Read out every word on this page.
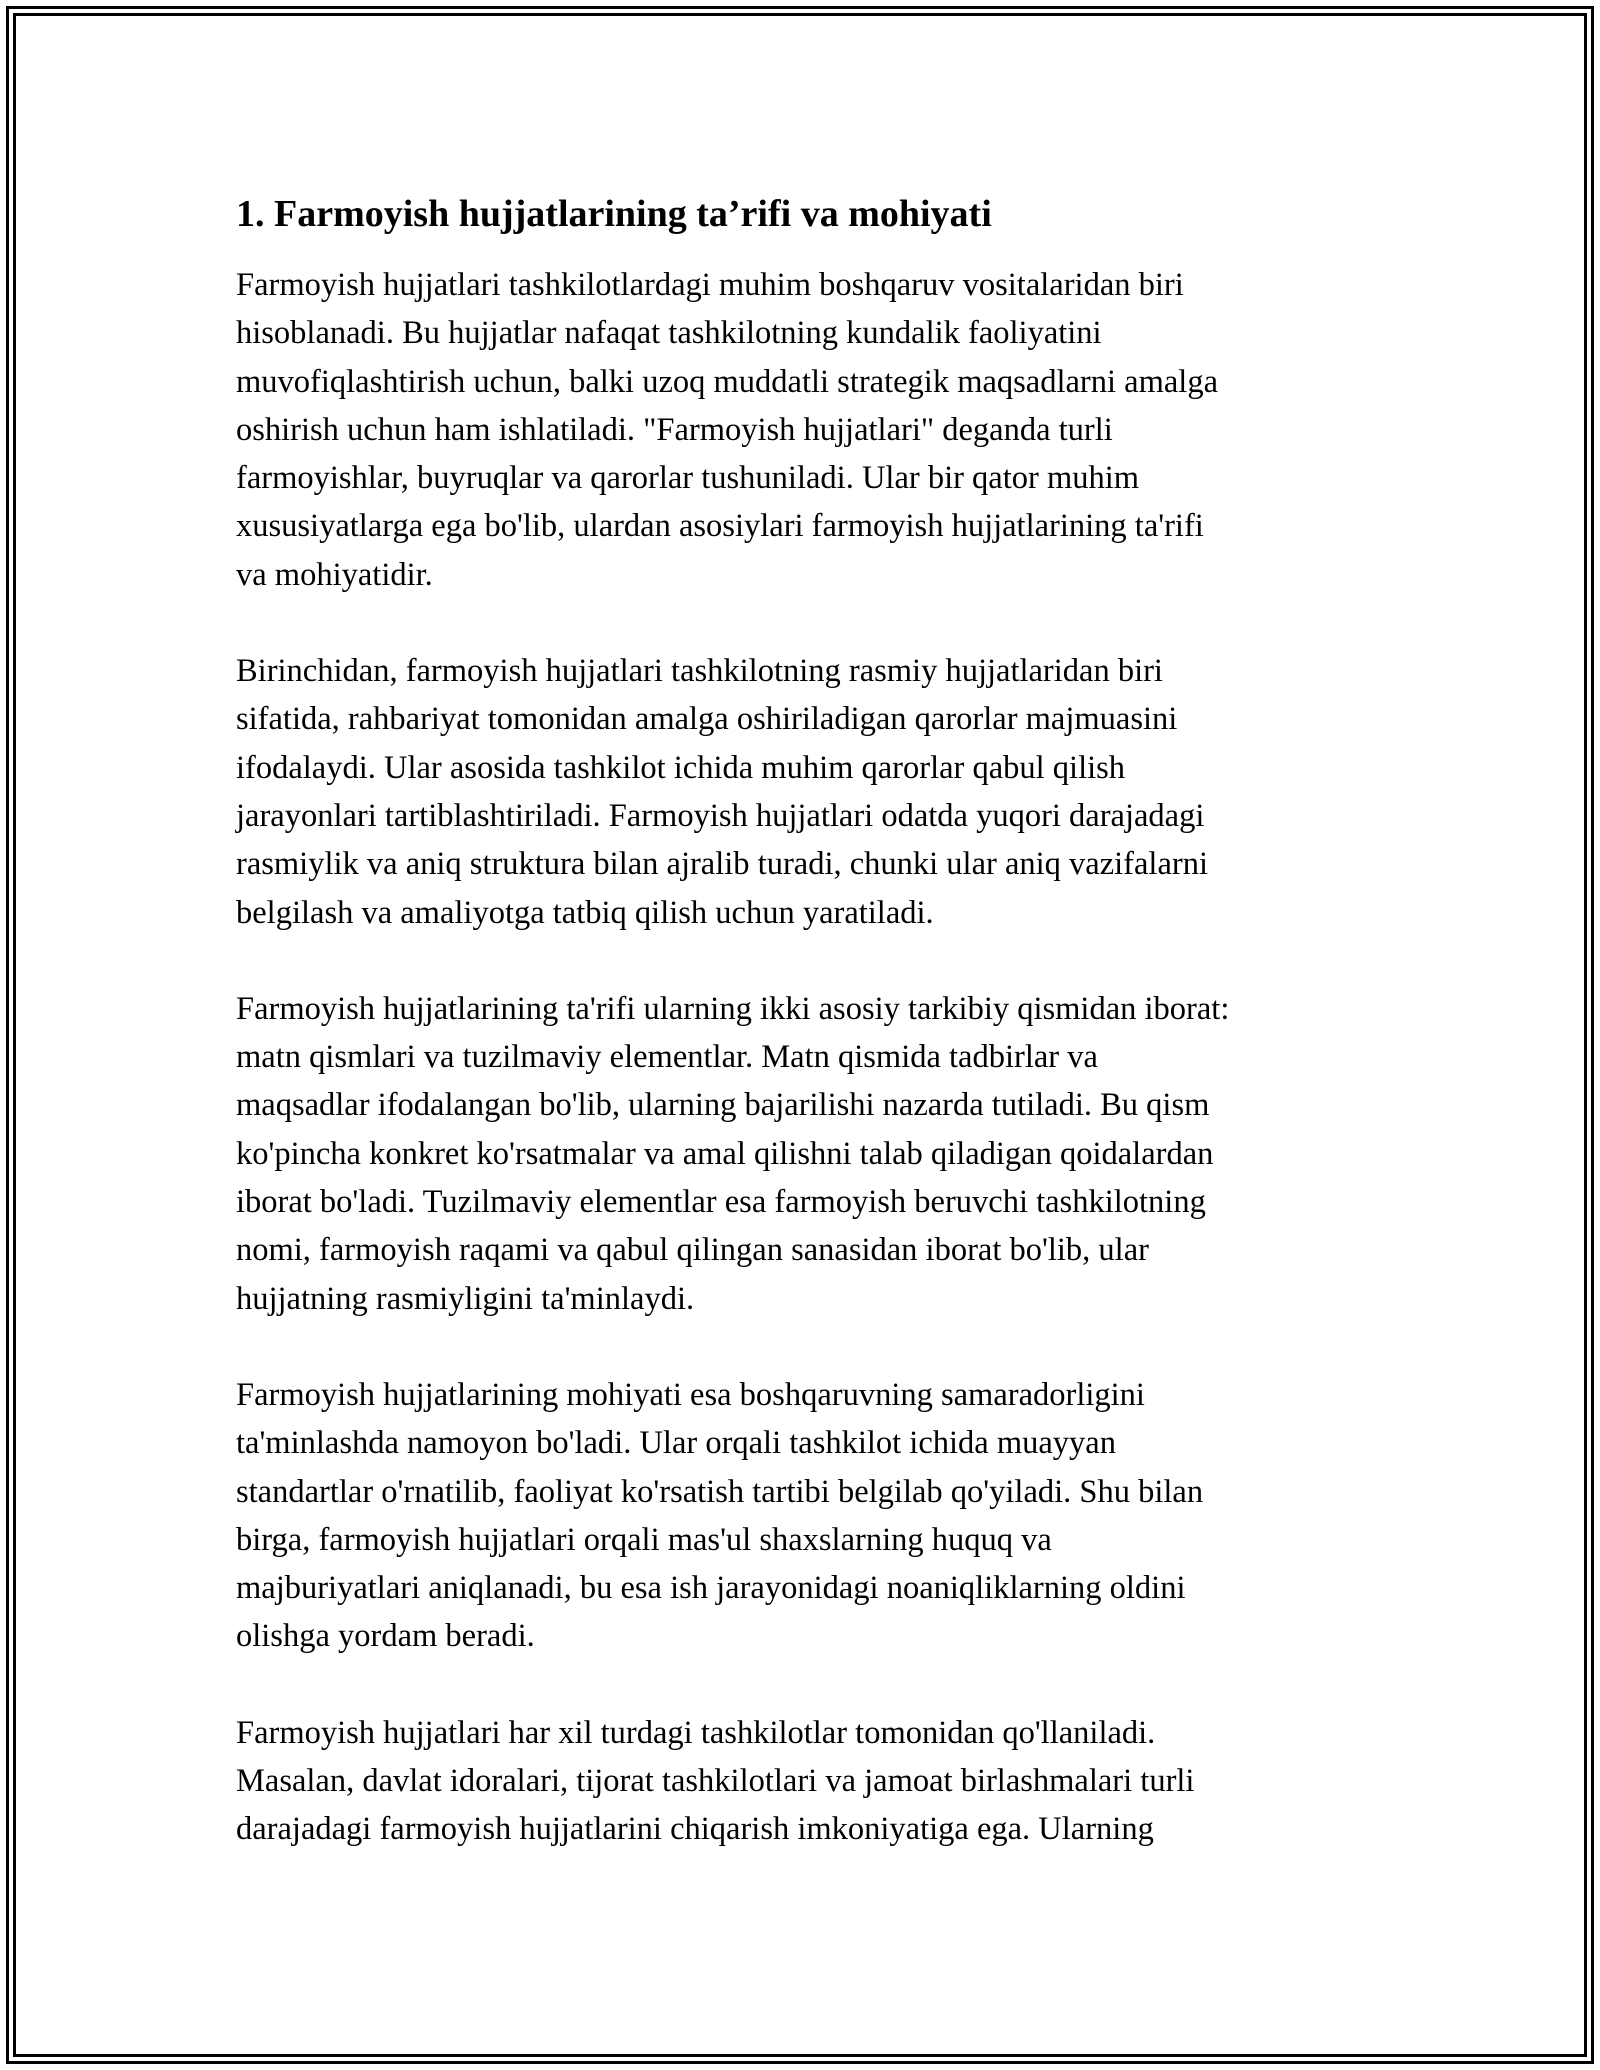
1. Farmoyish hujjatlarining ta’rifi va mohiyati

Farmoyish hujjatlari tashkilotlardagi muhim boshqaruv vositalaridan biri
hisoblanadi. Bu hujjatlar nafaqat tashkilotning kundalik faoliyatini
muvofiqlashtirish uchun, balki uzoq muddatli strategik maqsadlarni amalga
oshirish uchun ham ishlatiladi. "Farmoyish hujjatlari" deganda turli
farmoyishlar, buyruqlar va qarorlar tushuniladi. Ular bir qator muhim
xususiyatlarga ega bo'lib, ulardan asosiylari farmoyish hujjatlarining ta'rifi
va mohiyatidir.

Birinchidan, farmoyish hujjatlari tashkilotning rasmiy hujjatlaridan biri
sifatida, rahbariyat tomonidan amalga oshiriladigan qarorlar majmuasini
ifodalaydi. Ular asosida tashkilot ichida muhim qarorlar qabul qilish
jarayonlari tartiblashtiriladi. Farmoyish hujjatlari odatda yuqori darajadagi
rasmiylik va aniq struktura bilan ajralib turadi, chunki ular aniq vazifalarni
belgilash va amaliyotga tatbiq qilish uchun yaratiladi.

Farmoyish hujjatlarining ta'rifi ularning ikki asosiy tarkibiy qismidan iborat:
matn qismlari va tuzilmaviy elementlar. Matn qismida tadbirlar va
maqsadlar ifodalangan bo'lib, ularning bajarilishi nazarda tutiladi. Bu qism
ko'pincha konkret ko'rsatmalar va amal qilishni talab qiladigan qoidalardan
iborat bo'ladi. Tuzilmaviy elementlar esa farmoyish beruvchi tashkilotning
nomi, farmoyish raqami va qabul qilingan sanasidan iborat bo'lib, ular
hujjatning rasmiyligini ta'minlaydi.

Farmoyish hujjatlarining mohiyati esa boshqaruvning samaradorligini
ta'minlashda namoyon bo'ladi. Ular orqali tashkilot ichida muayyan
standartlar o'rnatilib, faoliyat ko'rsatish tartibi belgilab qo'yiladi. Shu bilan
birga, farmoyish hujjatlari orqali mas'ul shaxslarning huquq va
majburiyatlari aniqlanadi, bu esa ish jarayonidagi noaniqliklarning oldini
olishga yordam beradi.

Farmoyish hujjatlari har xil turdagi tashkilotlar tomonidan qo'llaniladi.
Masalan, davlat idoralari, tijorat tashkilotlari va jamoat birlashmalari turli
darajadagi farmoyish hujjatlarini chiqarish imkoniyatiga ega. Ularning
